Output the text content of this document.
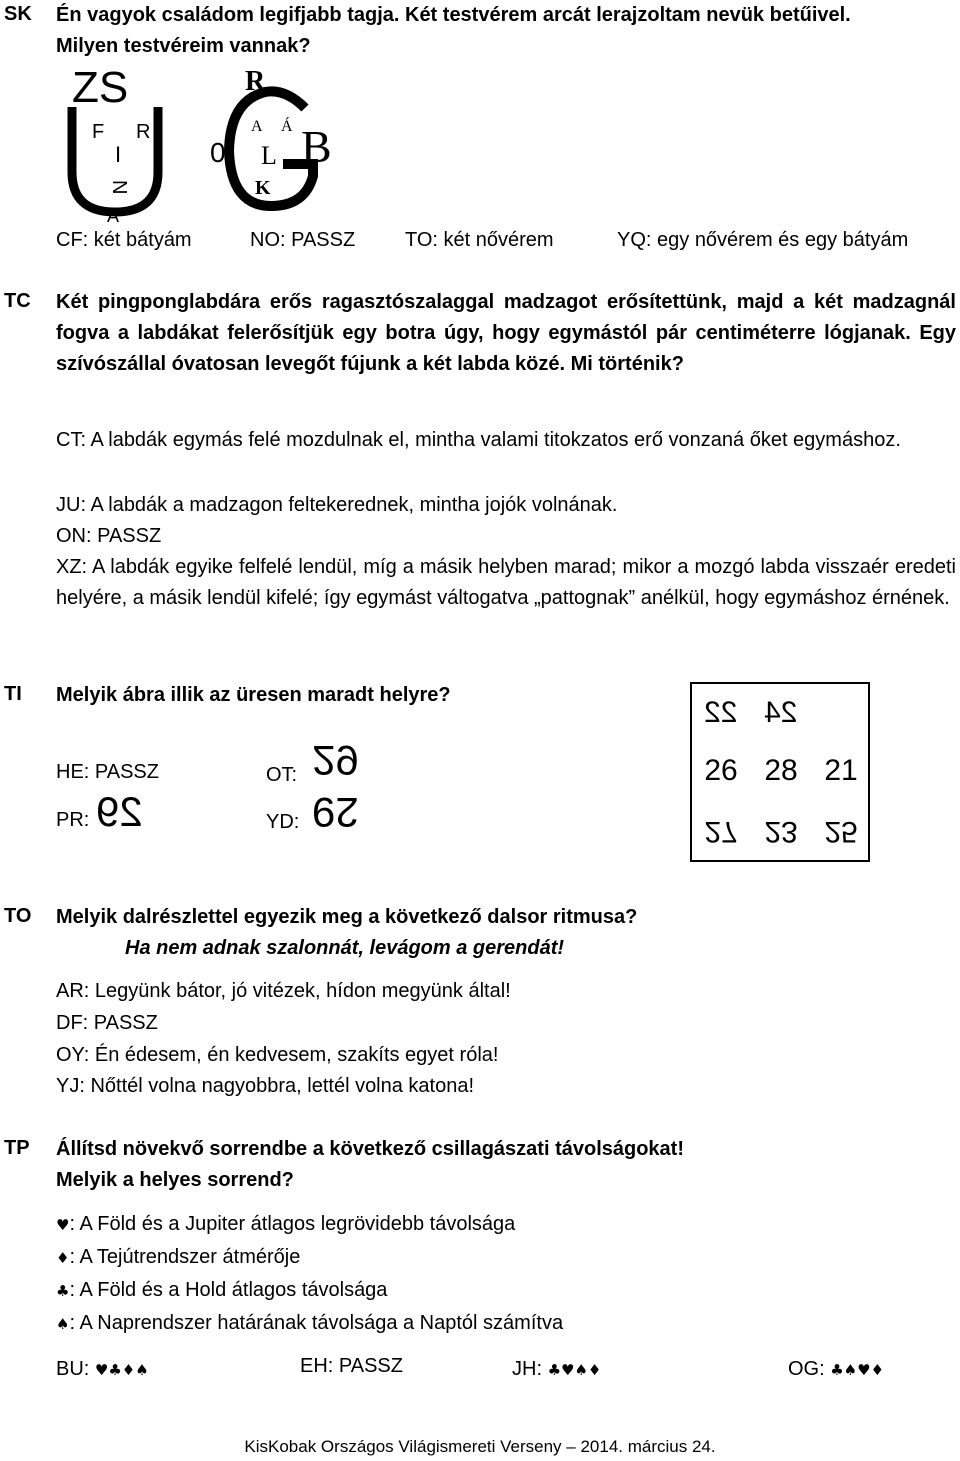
SK Én vagyok családom legifjabb tagja. Két testvérem arcát lerajzoltam nevük betűivel.
Milyen testvéreim vannak?
ZS
F R
I
N
A
R
0
A Á
L B
K
CF: két bátyám	NO: PASSZ TO: két nővérem	YQ: egy nővérem és egy bátyám
TC Két pingponglabdára erős ragasztószalaggal madzagot erősítettünk, majd a két madzagnál fogva a labdákat felerősítjük egy botra úgy, hogy egymástól pár centiméterre lógjanak. Egy szívószállal óvatosan levegőt fújunk a két labda közé. Mi történik?
CT: A labdák egymás felé mozdulnak el, mintha valami titokzatos erő vonzaná őket egymáshoz.
JU: A labdák a madzagon feltekerednek, mintha jojók volnának.
ON: PASSZ
XZ: A labdák egyike felfelé lendül, míg a másik helyben marad; mikor a mozgó labda visszaér eredeti helyére, a másik lendül kifelé; így egymást váltogatva „pattognak” anélkül, hogy egymáshoz érnének.
TI Melyik ábra illik az üresen maradt helyre?
22 24
26 28 21
27 23 25
HE: PASSZ
PR: 29
OT: 29
YD: 29
TO Melyik dalrészlettel egyezik meg a következő dalsor ritmusa?
Ha nem adnak szalonnát, levágom a gerendát!
AR: Legyünk bátor, jó vitézek, hídon megyünk által!
DF: PASSZ
OY: Én édesem, én kedvesem, szakíts egyet róla!
YJ: Nőttél volna nagyobbra, lettél volna katona!
TP Állítsd növekvő sorrendbe a következő csillagászati távolságokat!
Melyik a helyes sorrend?
♥: A Föld és a Jupiter átlagos legrövidebb távolsága
♦: A Tejútrendszer átmérője
♣: A Föld és a Hold átlagos távolsága
♠: A Naprendszer határának távolsága a Naptól számítva
BU: ♥♣♦♠	EH: PASSZ	JH: ♣♥♠♦	OG: ♣♠♥♦
KisKobak Országos Világismereti Verseny – 2014. március 24.
